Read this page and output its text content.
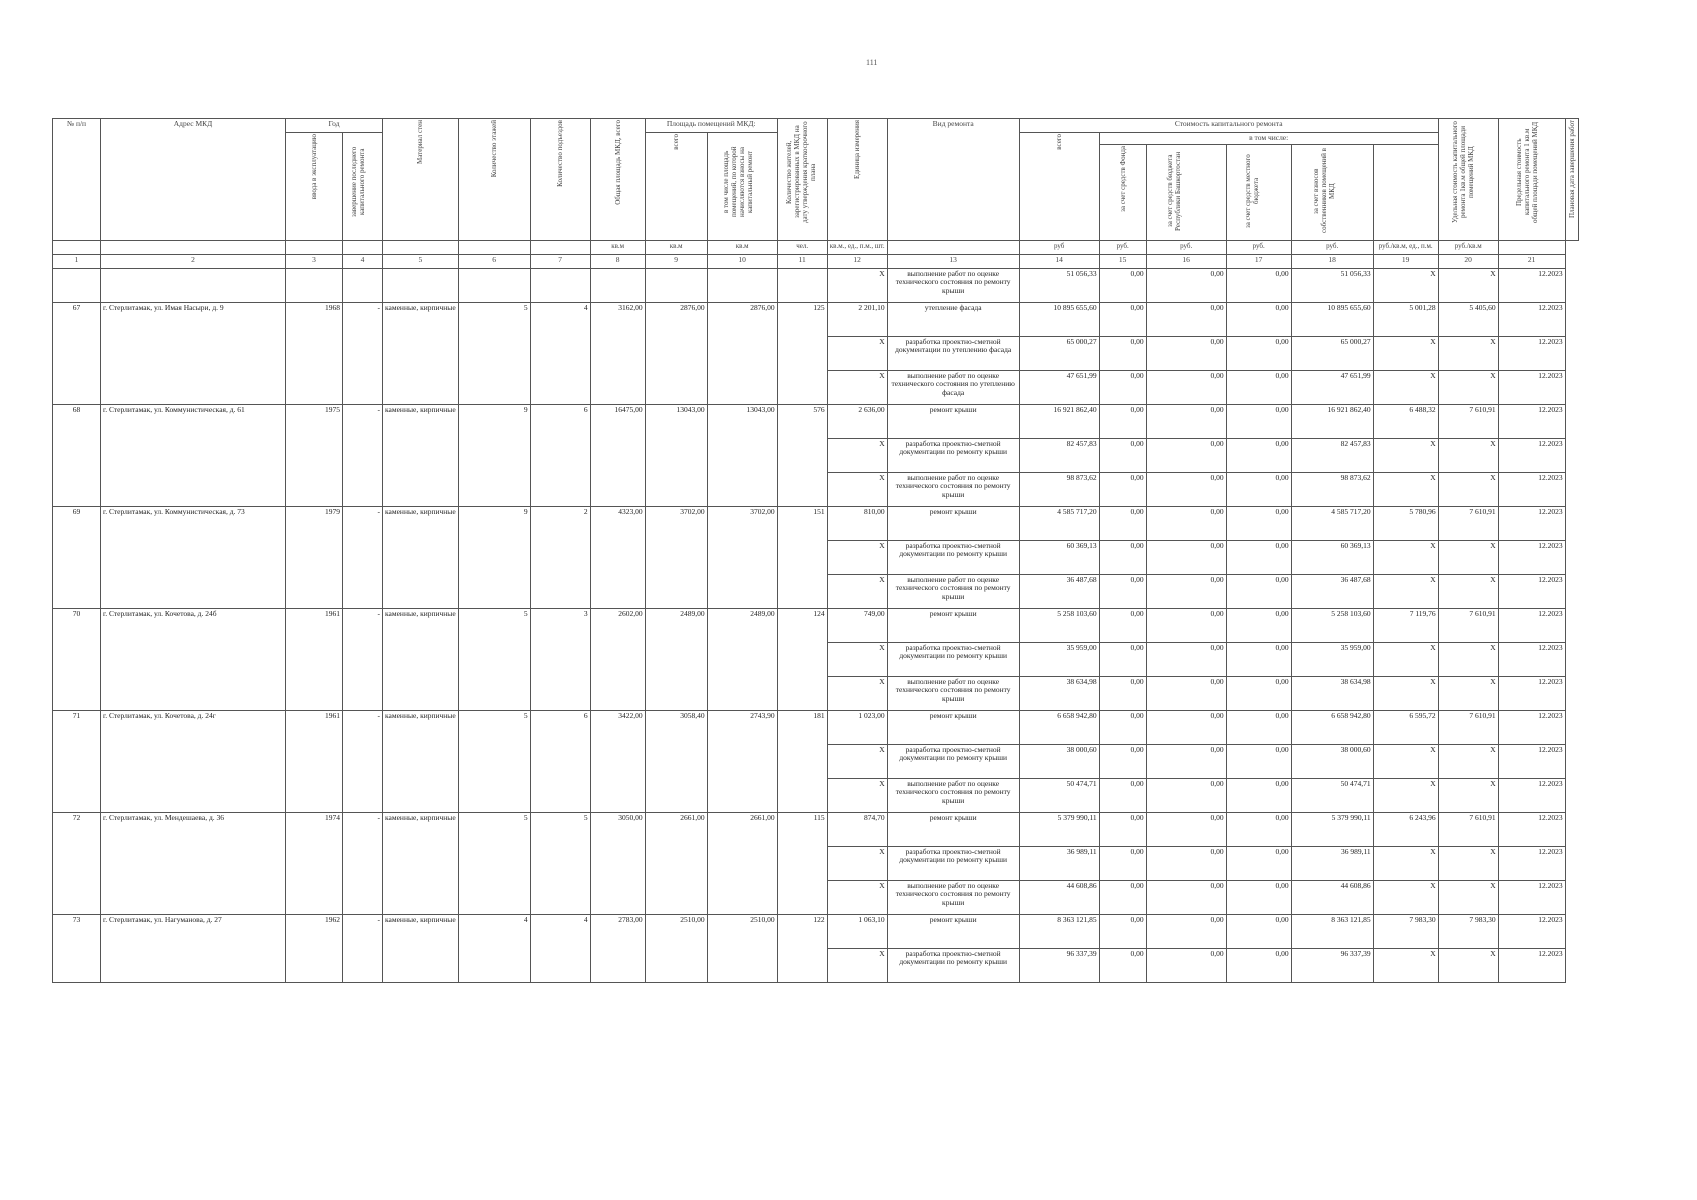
111
№ п/п	Адрес МКД	Год		Материал стен	Количество этажей	Количество подъездов	Общая площадь МКД, всего	Площадь помещений МКД:		Количество жителей, зарегистрированных в МКД на дату утверждения краткосрочного плана	Единица измерения	Вид ремонта	Стоимость капитального ремонта						Удельная стоимость капитального ремонта 1кв.м общей площади помещений МКД	Предельная стоимость капитального ремонта 1 кв.м общей площади помещений МКД	Плановая дата завершения работ

		ввода в эксплуатацию	завершение последнего капитального ремонта					всего	в том числе площадь помещений, по которой начисляются взносы на капитальный ремонт				всего	в том числе:							

														за счет средств Фонда	за счет средств бюджета Республики Башкортостан	за счет средств местного бюджета	за счет взносов собственников помещений в МКД				

							кв.м	кв.м	кв.м	чел.	кв.м., ед., п.м., шт.		руб	руб.	руб.	руб.	руб.	руб./кв.м, ед., п.м.	руб./кв.м		
1	2	3	4	5	6	7	8	9	10	11	12	13	14	15	16	17	18	19	20	21	
											X	выполнение работ по оценке технического состояния по ремонту крыши	51 056,33	0,00	0,00	0,00	51 056,33	X	X	12.2023	
67	г. Стерлитамак, ул. Имая Насыри, д. 9	1968	-	каменные, кирпичные	5	4	3162,00	2876,00	2876,00	125	2 201,10	утепление фасада	10 895 655,60	0,00	0,00	0,00	10 895 655,60	5 001,28	5 405,60	12.2023	
											X	разработка проектно-сметной документации по утеплению фасада	65 000,27	0,00	0,00	0,00	65 000,27	X	X	12.2023	
											X	выполнение работ по оценке технического состояния по утеплению фасада	47 651,99	0,00	0,00	0,00	47 651,99	X	X	12.2023	
68	г. Стерлитамак, ул. Коммунистическая, д. 61	1975	-	каменные, кирпичные	9	6	16475,00	13043,00	13043,00	576	2 636,00	ремонт крыши	16 921 862,40	0,00	0,00	0,00	16 921 862,40	6 488,32	7 610,91	12.2023	
											X	разработка проектно-сметной документации по ремонту крыши	82 457,83	0,00	0,00	0,00	82 457,83	X	X	12.2023	
											X	выполнение работ по оценке технического состояния по ремонту крыши	98 873,62	0,00	0,00	0,00	98 873,62	X	X	12.2023	
69	г. Стерлитамак, ул. Коммунистическая, д. 73	1979	-	каменные, кирпичные	9	2	4323,00	3702,00	3702,00	151	810,00	ремонт крыши	4 585 717,20	0,00	0,00	0,00	4 585 717,20	5 780,96	7 610,91	12.2023	
											X	разработка проектно-сметной документации по ремонту крыши	60 369,13	0,00	0,00	0,00	60 369,13	X	X	12.2023	
											X	выполнение работ по оценке технического состояния по ремонту крыши	36 487,68	0,00	0,00	0,00	36 487,68	X	X	12.2023	
70	г. Стерлитамак, ул. Кочетова, д. 24б	1961	-	каменные, кирпичные	5	3	2602,00	2489,00	2489,00	124	749,00	ремонт крыши	5 258 103,60	0,00	0,00	0,00	5 258 103,60	7 119,76	7 610,91	12.2023	
											X	разработка проектно-сметной документации по ремонту крыши	35 959,00	0,00	0,00	0,00	35 959,00	X	X	12.2023	
											X	выполнение работ по оценке технического состояния по ремонту крыши	38 634,98	0,00	0,00	0,00	38 634,98	X	X	12.2023	
71	г. Стерлитамак, ул. Кочетова, д. 24г	1961	-	каменные, кирпичные	5	6	3422,00	3058,40	2743,90	181	1 023,00	ремонт крыши	6 658 942,80	0,00	0,00	0,00	6 658 942,80	6 595,72	7 610,91	12.2023	
											X	разработка проектно-сметной документации по ремонту крыши	38 000,60	0,00	0,00	0,00	38 000,60	X	X	12.2023	
											X	выполнение работ по оценке технического состояния по ремонту крыши	50 474,71	0,00	0,00	0,00	50 474,71	X	X	12.2023	
72	г. Стерлитамак, ул. Мендешаева, д. 36	1974	-	каменные, кирпичные	5	5	3050,00	2661,00	2661,00	115	874,70	ремонт крыши	5 379 990,11	0,00	0,00	0,00	5 379 990,11	6 243,96	7 610,91	12.2023	
											X	разработка проектно-сметной документации по ремонту крыши	36 989,11	0,00	0,00	0,00	36 989,11	X	X	12.2023	
											X	выполнение работ по оценке технического состояния по ремонту крыши	44 608,86	0,00	0,00	0,00	44 608,86	X	X	12.2023	
73	г. Стерлитамак, ул. Нагуманова, д. 27	1962	-	каменные, кирпичные	4	4	2783,00	2510,00	2510,00	122	1 063,10	ремонт крыши	8 363 121,85	0,00	0,00	0,00	8 363 121,85	7 983,30	7 983,30	12.2023	
											X	разработка проектно-сметной документации по ремонту крыши	96 337,39	0,00	0,00	0,00	96 337,39	X	X	12.2023	
